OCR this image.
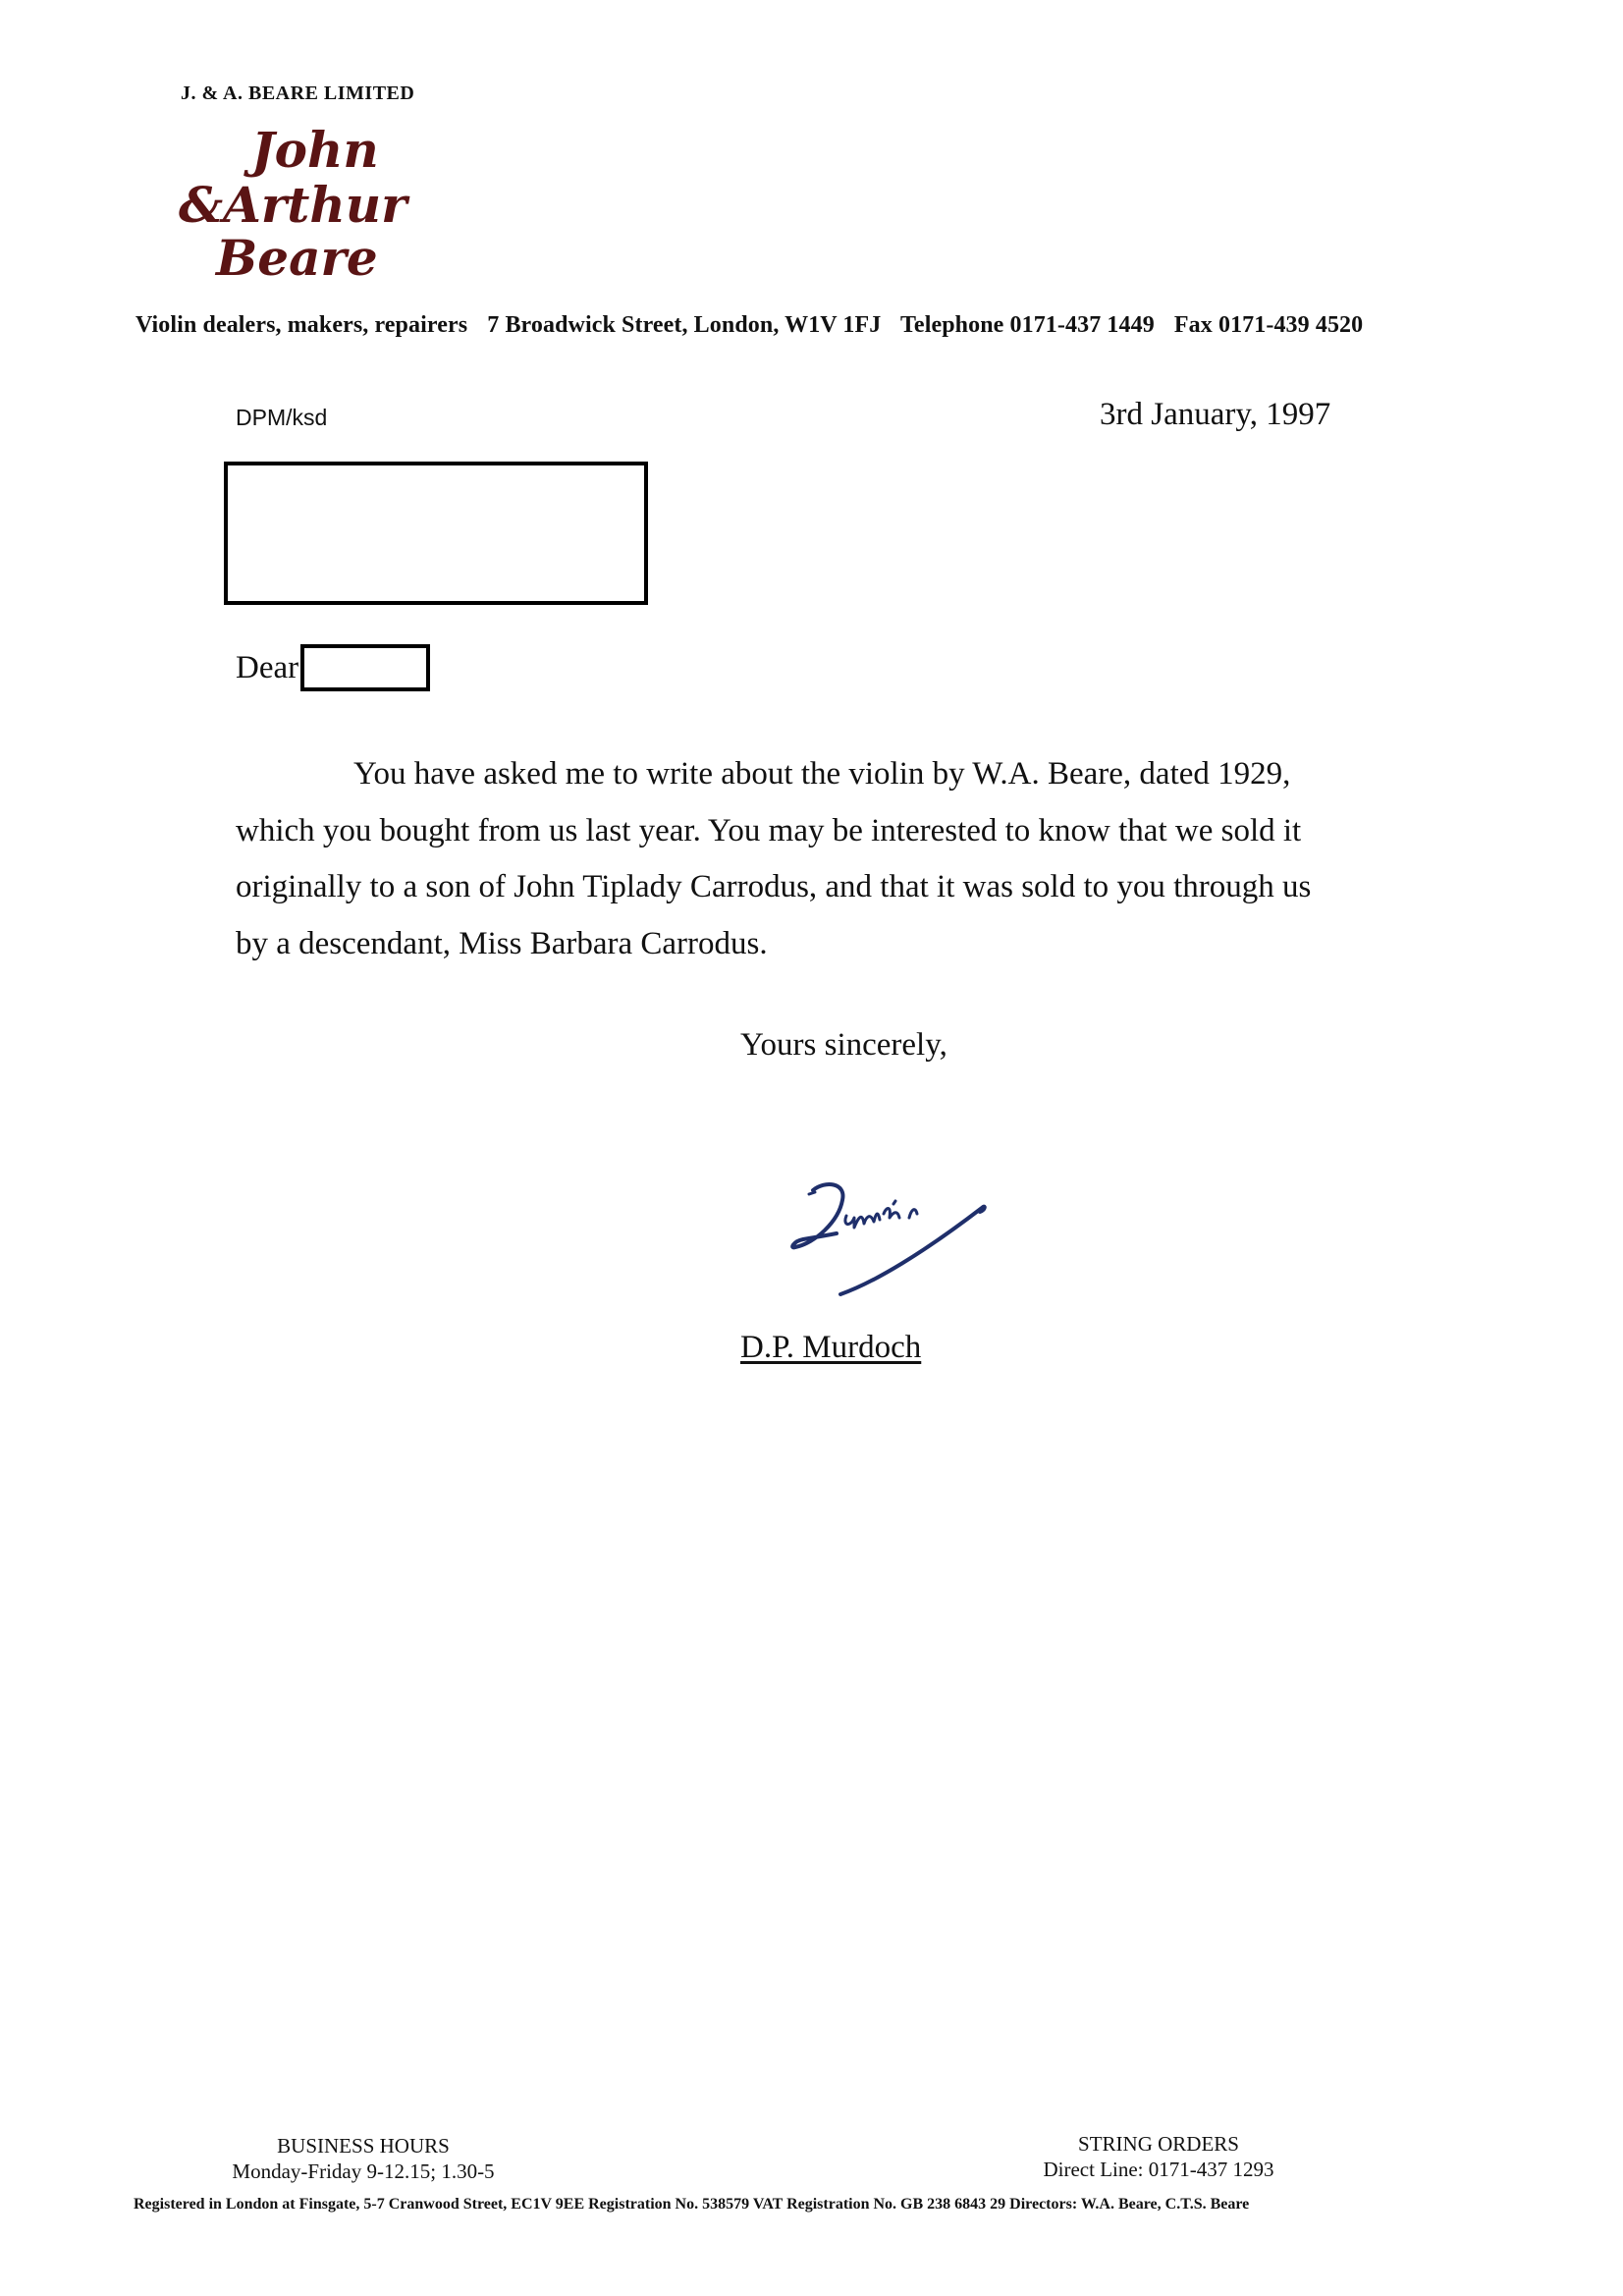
J. & A. BEARE LIMITED
John
&Arthur
Beare
Violin dealers, makers, repairers 7 Broadwick Street, London, W1V 1FJ Telephone 0171-437 1449 Fax 0171-439 4520
DPM/ksd	3rd January, 1997
Dear
You have asked me to write about the violin by W.A. Beare, dated 1929, which you bought from us last year. You may be interested to know that we sold it originally to a son of John Tiplady Carrodus, and that it was sold to you through us by a descendant, Miss Barbara Carrodus.
Yours sincerely,
D.P. Murdoch
BUSINESS HOURS
Monday-Friday 9-12.15; 1.30-5
STRING ORDERS
Direct Line: 0171-437 1293
Registered in London at Finsgate, 5-7 Cranwood Street, EC1V 9EE Registration No. 538579 VAT Registration No. GB 238 6843 29 Directors: W.A. Beare, C.T.S. Beare
